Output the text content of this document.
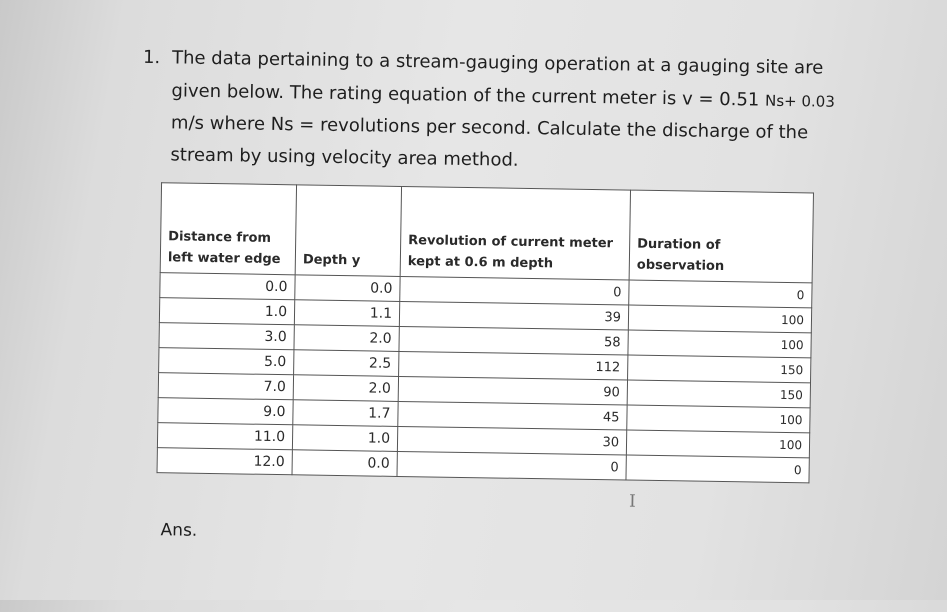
1. The data pertaining to a stream-gauging operation at a gauging site are
given below. The rating equation of the current meter is v = 0.51 Ns+ 0.03
m/s where Ns = revolutions per second. Calculate the discharge of the
stream by using velocity area method.
Distance from left water edge	Depth y	Revolution of current meter kept at 0.6 m depth	Duration of observation
0.0	0.0	0	0
1.0	1.1	39	100
3.0	2.0	58	100
5.0	2.5	112	150
7.0	2.0	90	150
9.0	1.7	45	100
11.0	1.0	30	100
12.0	0.0	0	0
I
Ans.
